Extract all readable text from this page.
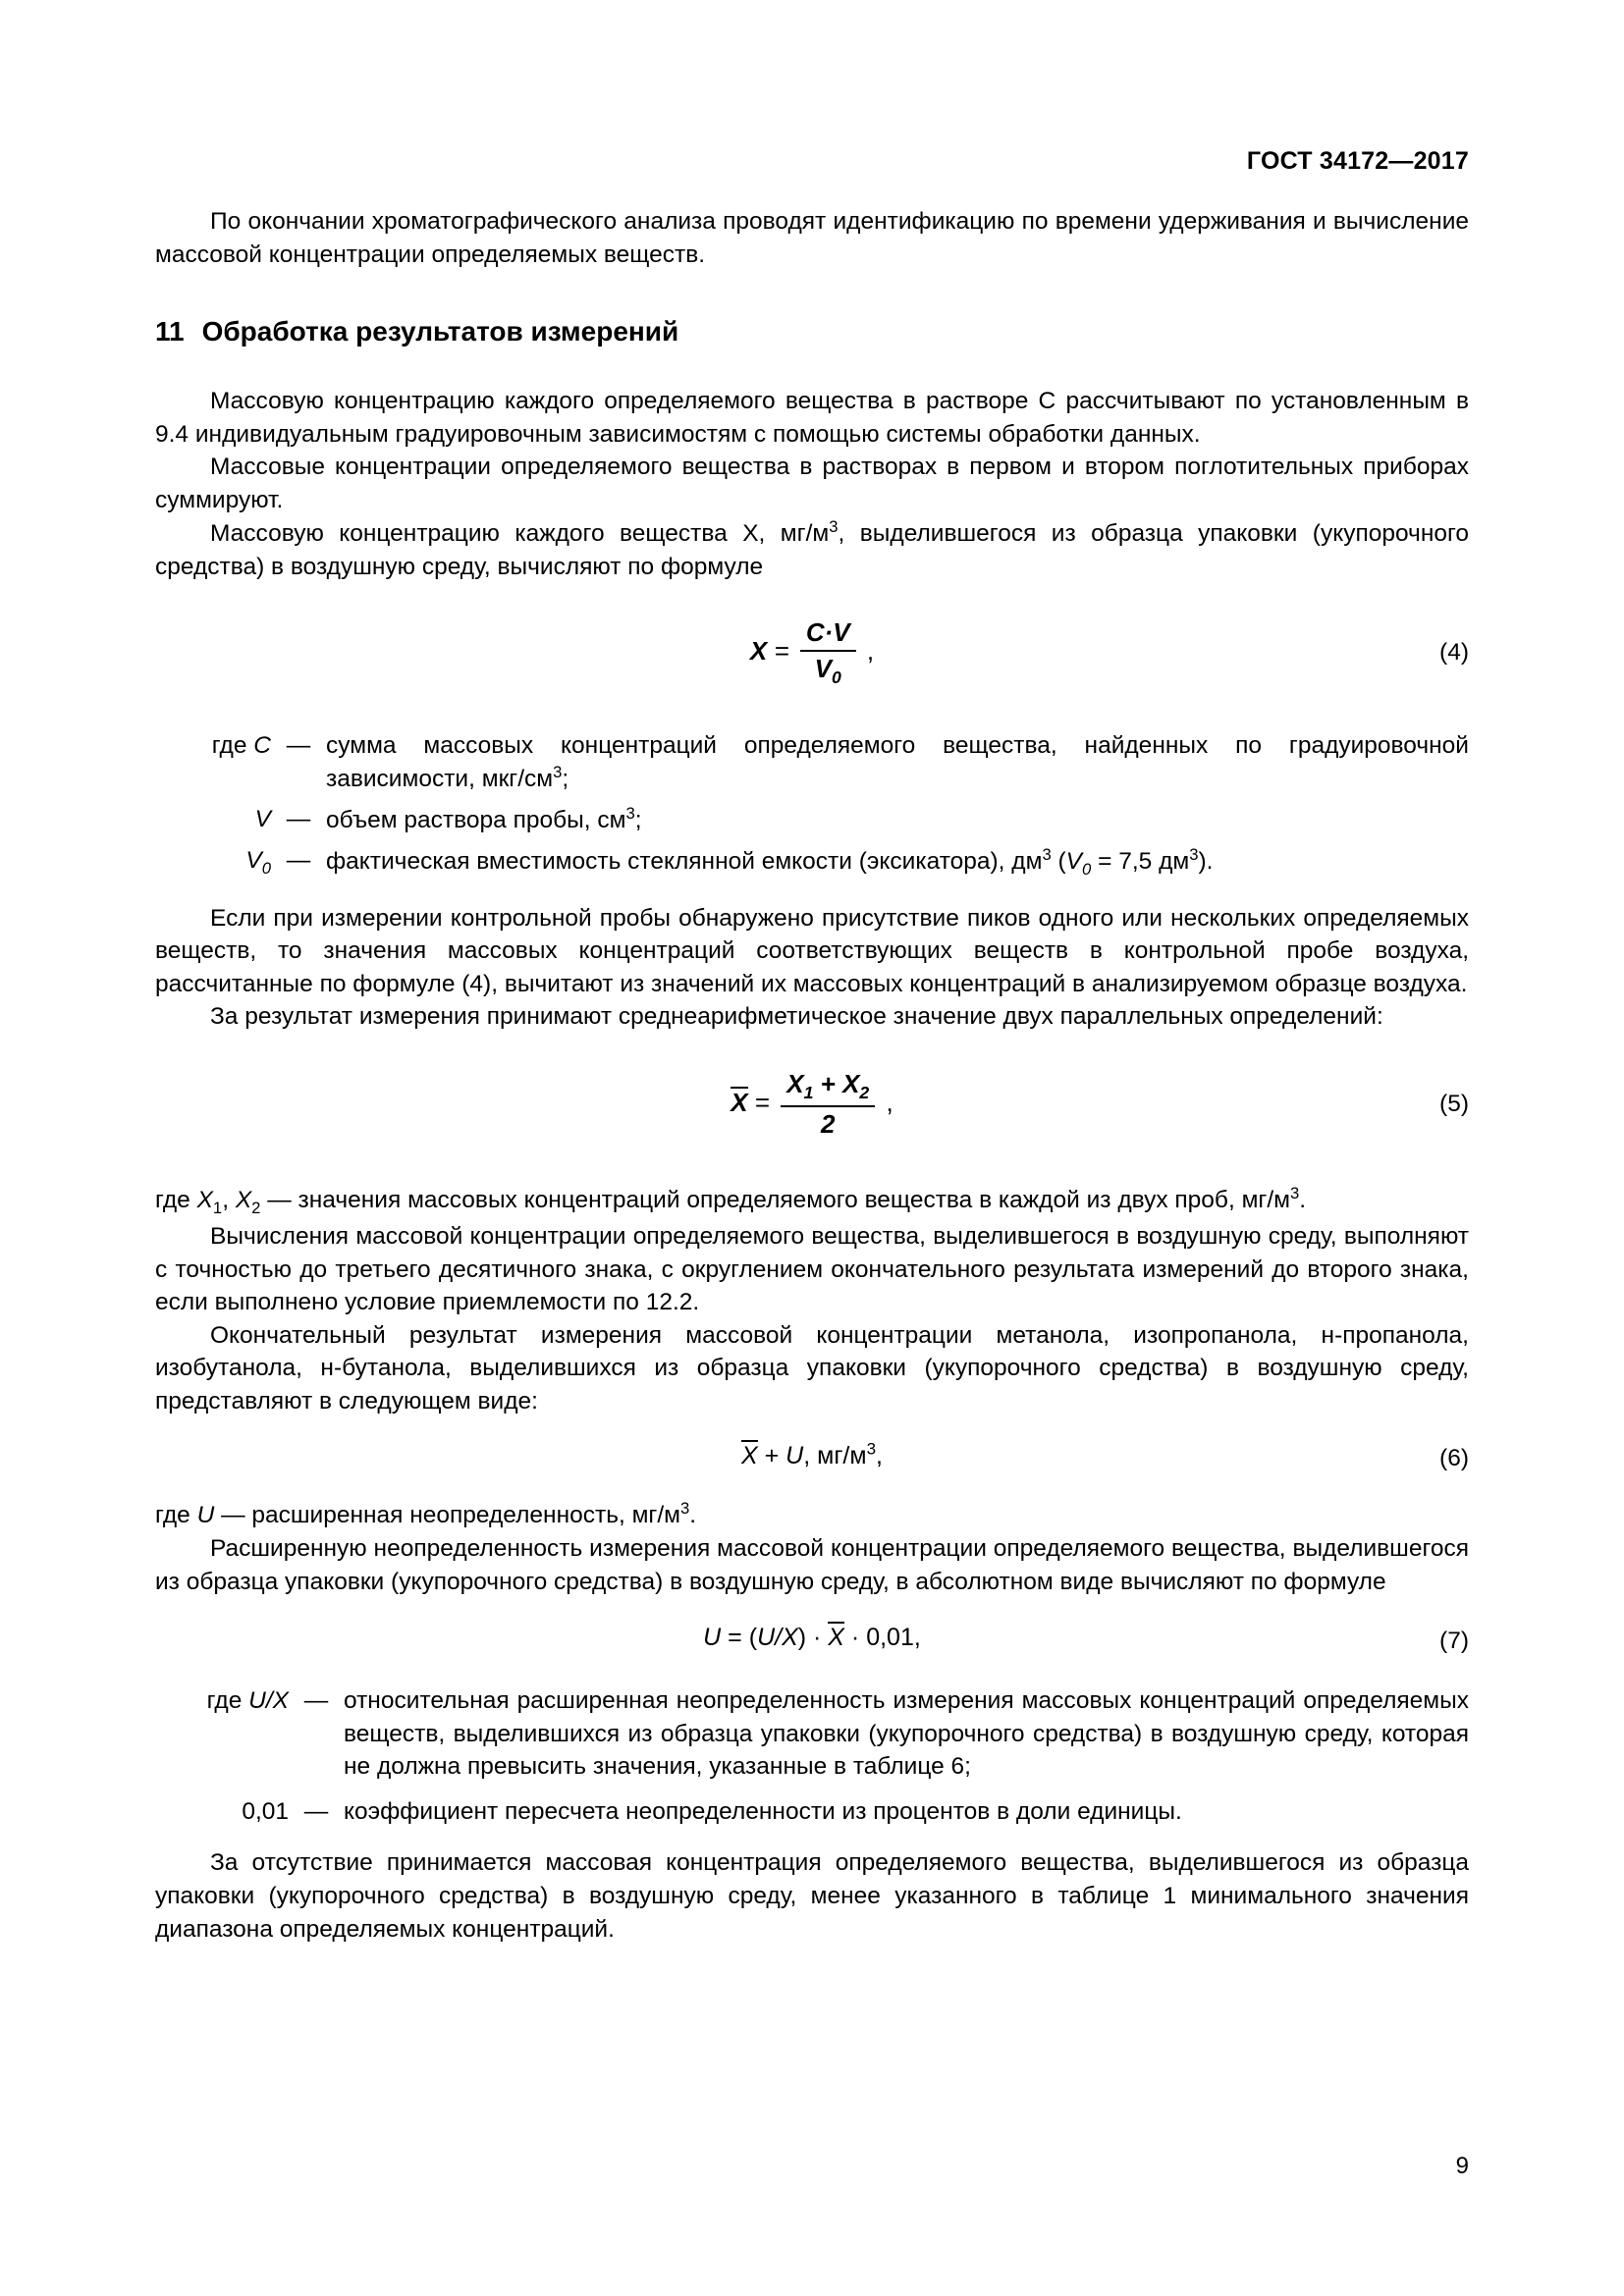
ГОСТ 34172—2017

По окончании хроматографического анализа проводят идентификацию по времени удерживания и вычисление массовой концентрации определяемых веществ.

11 Обработка результатов измерений

Массовую концентрацию каждого определяемого вещества в растворе C рассчитывают по установленным в 9.4 индивидуальным градуировочным зависимостям с помощью системы обработки данных.

Массовые концентрации определяемого вещества в растворах в первом и втором поглотительных приборах суммируют.

Массовую концентрацию каждого вещества X, $мг/м^3$, выделившегося из образца упаковки (укупорочного средства) в воздушную среду, вычисляют по формуле

$X = \frac{C\cdot V}{V_0}$ ,	(4)
где C — сумма массовых концентраций определяемого вещества, найденных по градуировочной зависимости, мкг/$см^3$;
V — объем раствора пробы, $см^3$;
$V_0$ — фактическая вместимость стеклянной емкости (эксикатора), $дм^3$ ($V_0 = 7,5$ $дм^3$).

Если при измерении контрольной пробы обнаружено присутствие пиков одного или нескольких определяемых веществ, то значения массовых концентраций соответствующих веществ в контрольной пробе воздуха, рассчитанные по формуле (4), вычитают из значений их массовых концентраций в анализируемом образце воздуха.

За результат измерения принимают среднеарифметическое значение двух параллельных определений:

$X = \frac{X_1 + X_2}{2}$ ,	(5)

где $X_1$, $X_2$ — значения массовых концентраций определяемого вещества в каждой из двух проб, $мг/м^3$.

Вычисления массовой концентрации определяемого вещества, выделившегося в воздушную среду, выполняют с точностью до третьего десятичного знака, с округлением окончательного результата измерений до второго знака, если выполнено условие приемлемости по 12.2.

Окончательный результат измерения массовой концентрации метанола, изопропанола, н-пропанола, изобутанола, н-бутанола, выделившихся из образца упаковки (укупорочного средства) в воздушную среду, представляют в следующем виде:

X + U, $мг/м^3$,	(6)

где U — расширенная неопределенность, $мг/м^3$.

Расширенную неопределенность измерения массовой концентрации определяемого вещества, выделившегося из образца упаковки (укупорочного средства) в воздушную среду, в абсолютном виде вычисляют по формуле

U = (U/X) · X · 0,01,	(7)
где U/X — относительная расширенная неопределенность измерения массовых концентраций определяемых веществ, выделившихся из образца упаковки (укупорочного средства) в воздушную среду, которая не должна превысить значения, указанные в таблице 6;
0,01 — коэффициент пересчета неопределенности из процентов в доли единицы.

За отсутствие принимается массовая концентрация определяемого вещества, выделившегося из образца упаковки (укупорочного средства) в воздушную среду, менее указанного в таблице 1 минимального значения диапазона определяемых концентраций.

9
